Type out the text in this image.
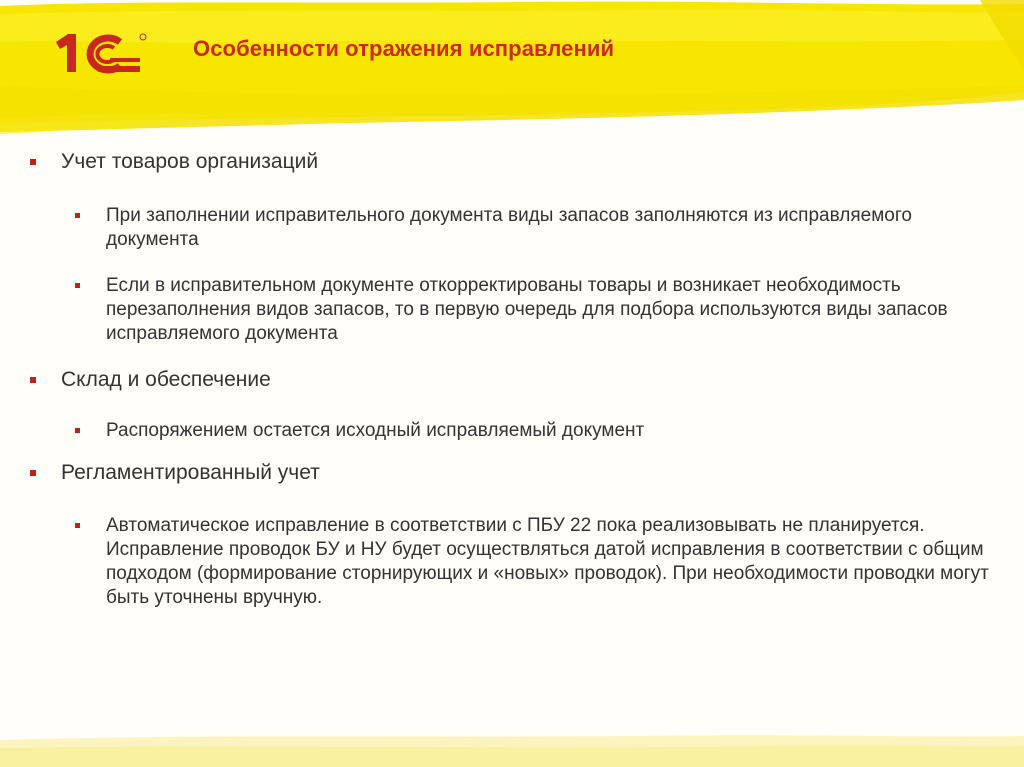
Особенности отражения исправлений
Учет товаров организаций
При заполнении исправительного документа виды запасов заполняются из исправляемого документа
Если в исправительном документе откорректированы товары и возникает необходимость перезаполнения видов запасов, то в первую очередь для подбора используются виды запасов исправляемого документа
Склад и обеспечение
Распоряжением остается исходный исправляемый документ
Регламентированный учет
Автоматическое исправление в соответствии с ПБУ 22 пока реализовывать не планируется. Исправление проводок БУ и НУ будет осуществляться датой исправления в соответствии с общим подходом (формирование сторнирующих и «новых» проводок). При необходимости проводки могут быть уточнены вручную.
